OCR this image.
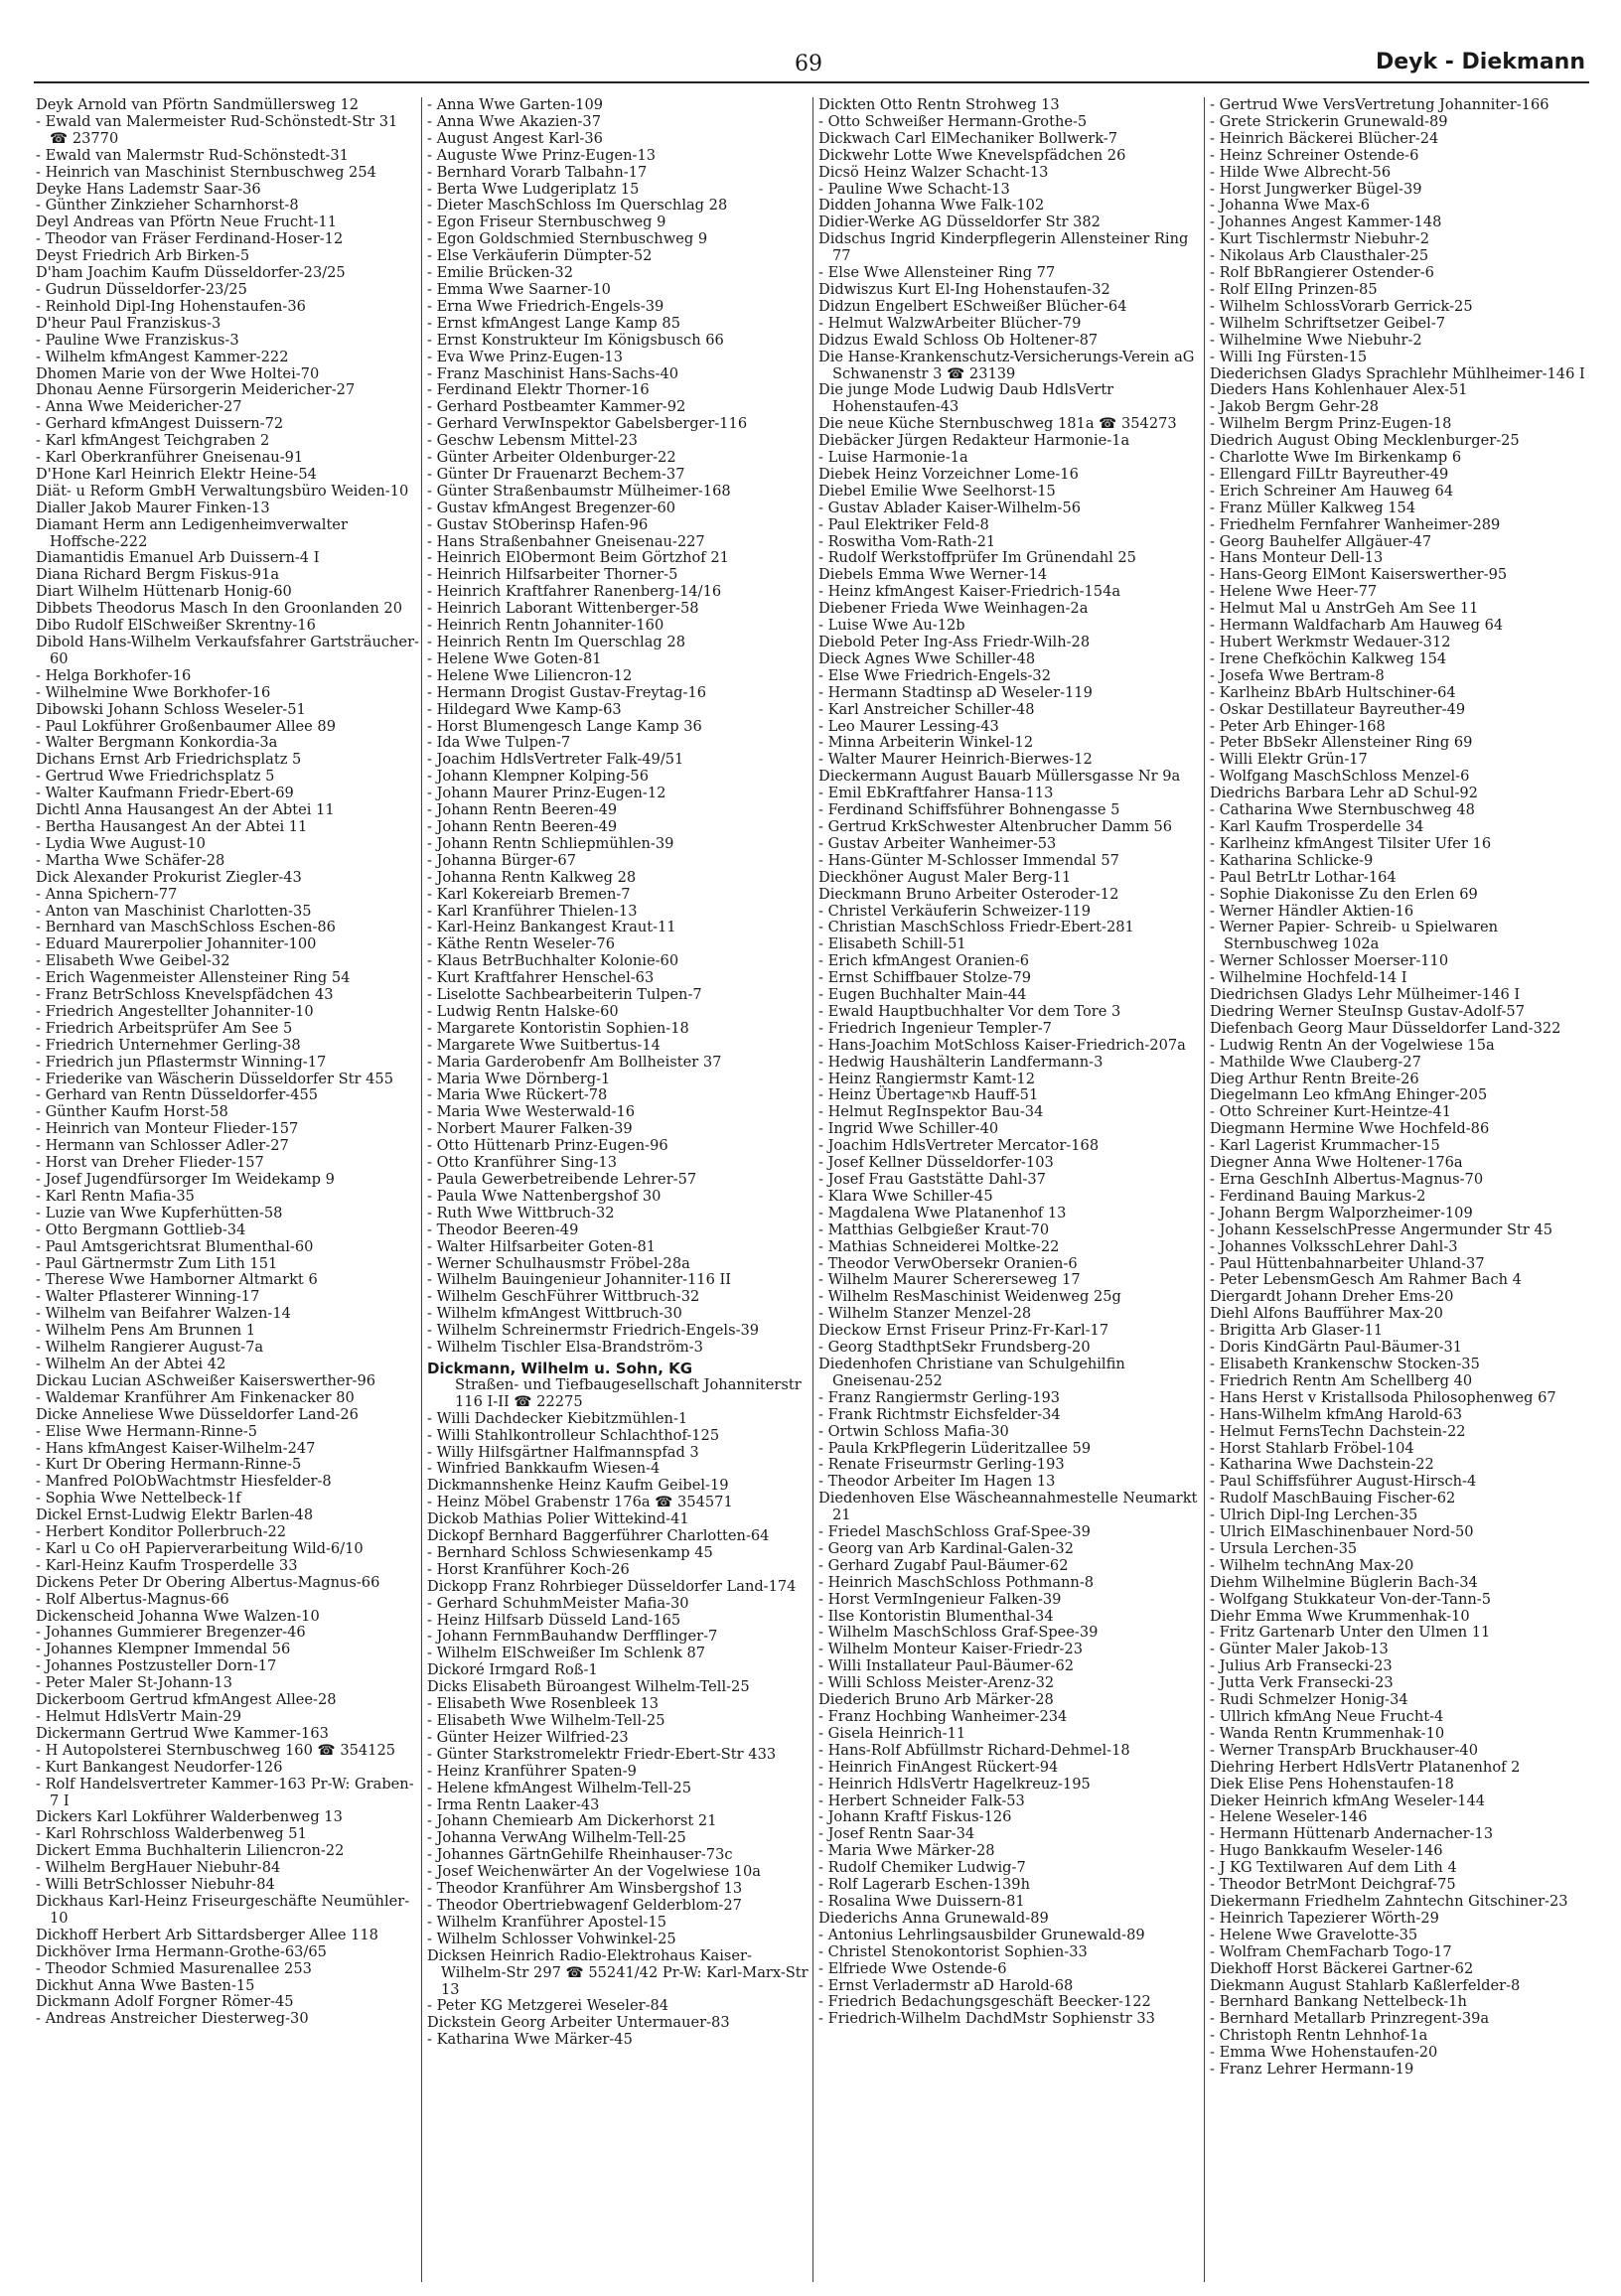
69	Deyk - Diekmann
Deyk Arnold van Pförtn Sandmüllersweg 12
- Ewald van Malermeister Rud-Schönstedt-Str 31 ☎ 23770
- Ewald van Malermstr Rud-Schönstedt-31
- Heinrich van Maschinist Sternbuschweg 254
Deyke Hans Lademstr Saar-36
- Günther Zinkzieher Scharnhorst-8
Deyl Andreas van Pförtn Neue Frucht-11
- Theodor van Fräser Ferdinand-Hoser-12
Deyst Friedrich Arb Birken-5
D'ham Joachim Kaufm Düsseldorfer-23/25
- Gudrun Düsseldorfer-23/25
- Reinhold Dipl-Ing Hohenstaufen-36
D'heur Paul Franziskus-3
- Pauline Wwe Franziskus-3
- Wilhelm kfmAngest Kammer-222
Dhomen Marie von der Wwe Holtei-70
Dhonau Aenne Fürsorgerin Meidericher-27
- Anna Wwe Meidericher-27
- Gerhard kfmAngest Duissern-72
- Karl kfmAngest Teichgraben 2
- Karl Oberkranführer Gneisenau-91
D'Hone Karl Heinrich Elektr Heine-54
Diät- u Reform GmbH Verwaltungsbüro Weiden-10
Dialler Jakob Maurer Finken-13
Diamant Herm ann Ledigenheimverwalter Hoffsche-222
Diamantidis Emanuel Arb Duissern-4 I
Diana Richard Bergm Fiskus-91a
Diart Wilhelm Hüttenarb Honig-60
Dibbets Theodorus Masch In den Groonlanden 20
Dibo Rudolf ElSchweißer Skrentny-16
Dibold Hans-Wilhelm Verkaufsfahrer Gartsträucher-60
- Helga Borkhofer-16
- Wilhelmine Wwe Borkhofer-16
Dibowski Johann Schloss Weseler-51
- Paul Lokführer Großenbaumer Allee 89
- Walter Bergmann Konkordia-3a
Dichans Ernst Arb Friedrichsplatz 5
- Gertrud Wwe Friedrichsplatz 5
- Walter Kaufmann Friedr-Ebert-69
Dichtl Anna Hausangest An der Abtei 11
- Bertha Hausangest An der Abtei 11
- Lydia Wwe August-10
- Martha Wwe Schäfer-28
Dick Alexander Prokurist Ziegler-43
- Anna Spichern-77
- Anton van Maschinist Charlotten-35
- Bernhard van MaschSchloss Eschen-86
- Eduard Maurerpolier Johanniter-100
- Elisabeth Wwe Geibel-32
- Erich Wagenmeister Allensteiner Ring 54
- Franz BetrSchloss Knevelspfädchen 43
- Friedrich Angestellter Johanniter-10
- Friedrich Arbeitsprüfer Am See 5
- Friedrich Unternehmer Gerling-38
- Friedrich jun Pflastermstr Winning-17
- Friederike van Wäscherin Düsseldorfer Str 455
- Gerhard van Rentn Düsseldorfer-455
- Günther Kaufm Horst-58
- Heinrich van Monteur Flieder-157
- Hermann van Schlosser Adler-27
- Horst van Dreher Flieder-157
- Josef Jugendfürsorger Im Weidekamp 9
- Karl Rentn Mafia-35
- Luzie van Wwe Kupferhütten-58
- Otto Bergmann Gottlieb-34
- Paul Amtsgerichtsrat Blumenthal-60
- Paul Gärtnermstr Zum Lith 151
- Therese Wwe Hamborner Altmarkt 6
- Walter Pflasterer Winning-17
- Wilhelm van Beifahrer Walzen-14
- Wilhelm Pens Am Brunnen 1
- Wilhelm Rangierer August-7a
- Wilhelm An der Abtei 42
Dickau Lucian ASchweißer Kaiserswerther-96
- Waldemar Kranführer Am Finkenacker 80
Dicke Anneliese Wwe Düsseldorfer Land-26
- Elise Wwe Hermann-Rinne-5
- Hans kfmAngest Kaiser-Wilhelm-247
- Kurt Dr Obering Hermann-Rinne-5
- Manfred PolObWachtmstr Hiesfelder-8
- Sophia Wwe Nettelbeck-1f
Dickel Ernst-Ludwig Elektr Barlen-48
- Herbert Konditor Pollerbruch-22
- Karl u Co oH Papierverarbeitung Wild-6/10
- Karl-Heinz Kaufm Trosperdelle 33
Dickens Peter Dr Obering Albertus-Magnus-66
- Rolf Albertus-Magnus-66
Dickenscheid Johanna Wwe Walzen-10
- Johannes Gummierer Bregenzer-46
- Johannes Klempner Immendal 56
- Johannes Postzusteller Dorn-17
- Peter Maler St-Johann-13
Dickerboom Gertrud kfmAngest Allee-28
- Helmut HdlsVertr Main-29
Dickermann Gertrud Wwe Kammer-163
- H Autopolsterei Sternbuschweg 160 ☎ 354125
- Kurt Bankangest Neudorfer-126
- Rolf Handelsvertreter Kammer-163 Pr-W: Graben-7 I
Dickers Karl Lokführer Walderbenweg 13
- Karl Rohrschloss Walderbenweg 51
Dickert Emma Buchhalterin Liliencron-22
- Wilhelm BergHauer Niebuhr-84
- Willi BetrSchlosser Niebuhr-84
Dickhaus Karl-Heinz Friseurgeschäfte Neumühler-10
Dickhoff Herbert Arb Sittardsberger Allee 118
Dickhöver Irma Hermann-Grothe-63/65
- Theodor Schmied Masurenallee 253
Dickhut Anna Wwe Basten-15
Dickmann Adolf Forgner Römer-45
- Andreas Anstreicher Diesterweg-30
- Anna Wwe Garten-109
- Anna Wwe Akazien-37
- August Angest Karl-36
- Auguste Wwe Prinz-Eugen-13
- Bernhard Vorarb Talbahn-17
- Berta Wwe Ludgeriplatz 15
- Dieter MaschSchloss Im Querschlag 28
- Egon Friseur Sternbuschweg 9
- Egon Goldschmied Sternbuschweg 9
- Else Verkäuferin Dümpter-52
- Emilie Brücken-32
- Emma Wwe Saarner-10
- Erna Wwe Friedrich-Engels-39
- Ernst kfmAngest Lange Kamp 85
- Ernst Konstrukteur Im Königsbusch 66
- Eva Wwe Prinz-Eugen-13
- Franz Maschinist Hans-Sachs-40
- Ferdinand Elektr Thorner-16
- Gerhard Postbeamter Kammer-92
- Gerhard VerwInspektor Gabelsberger-116
- Geschw Lebensm Mittel-23
- Günter Arbeiter Oldenburger-22
- Günter Dr Frauenarzt Bechem-37
- Günter Straßenbaumstr Mülheimer-168
- Gustav kfmAngest Bregenzer-60
- Gustav StOberinsp Hafen-96
- Hans Straßenbahner Gneisenau-227
- Heinrich ElObermont Beim Görtzhof 21
- Heinrich Hilfsarbeiter Thorner-5
- Heinrich Kraftfahrer Ranenberg-14/16
- Heinrich Laborant Wittenberger-58
- Heinrich Rentn Johanniter-160
- Heinrich Rentn Im Querschlag 28
- Helene Wwe Goten-81
- Helene Wwe Liliencron-12
- Hermann Drogist Gustav-Freytag-16
- Hildegard Wwe Kamp-63
- Horst Blumengesch Lange Kamp 36
- Ida Wwe Tulpen-7
- Joachim HdlsVertreter Falk-49/51
- Johann Klempner Kolping-56
- Johann Maurer Prinz-Eugen-12
- Johann Rentn Beeren-49
- Johann Rentn Beeren-49
- Johann Rentn Schliepmühlen-39
- Johanna Bürger-67
- Johanna Rentn Kalkweg 28
- Karl Kokereiarb Bremen-7
- Karl Kranführer Thielen-13
- Karl-Heinz Bankangest Kraut-11
- Käthe Rentn Weseler-76
- Klaus BetrBuchhalter Kolonie-60
- Kurt Kraftfahrer Henschel-63
- Liselotte Sachbearbeiterin Tulpen-7
- Ludwig Rentn Halske-60
- Margarete Kontoristin Sophien-18
- Margarete Wwe Suitbertus-14
- Maria Garderobenfr Am Bollheister 37
- Maria Wwe Dörnberg-1
- Maria Wwe Rückert-78
- Maria Wwe Westerwald-16
- Norbert Maurer Falken-39
- Otto Hüttenarb Prinz-Eugen-96
- Otto Kranführer Sing-13
- Paula Gewerbetreibende Lehrer-57
- Paula Wwe Nattenbergshof 30
- Ruth Wwe Wittbruch-32
- Theodor Beeren-49
- Walter Hilfsarbeiter Goten-81
- Werner Schulhausmstr Fröbel-28a
- Wilhelm Bauingenieur Johanniter-116 II
- Wilhelm GeschFührer Wittbruch-32
- Wilhelm kfmAngest Wittbruch-30
- Wilhelm Schreinermstr Friedrich-Engels-39
- Wilhelm Tischler Elsa-Brandström-3
Dickmann, Wilhelm u. Sohn, KG
Straßen- und Tiefbaugesellschaft Johanniterstr 116 I-II ☎ 22275
- Willi Dachdecker Kiebitzmühlen-1
- Willi Stahlkontrolleur Schlachthof-125
- Willy Hilfsgärtner Halfmannspfad 3
- Winfried Bankkaufm Wiesen-4
Dickmannshenke Heinz Kaufm Geibel-19
- Heinz Möbel Grabenstr 176a ☎ 354571
Dickob Mathias Polier Wittekind-41
Dickopf Bernhard Baggerführer Charlotten-64
- Bernhard Schloss Schwiesenkamp 45
- Horst Kranführer Koch-26
Dickopp Franz Rohrbieger Düsseldorfer Land-174
- Gerhard SchuhmMeister Mafia-30
- Heinz Hilfsarb Düsseld Land-165
- Johann FernmBauhandw Derfflinger-7
- Wilhelm ElSchweißer Im Schlenk 87
Dickoré Irmgard Roß-1
Dicks Elisabeth Büroangest Wilhelm-Tell-25
- Elisabeth Wwe Rosenbleek 13
- Elisabeth Wwe Wilhelm-Tell-25
- Günter Heizer Wilfried-23
- Günter Starkstromelektr Friedr-Ebert-Str 433
- Heinz Kranführer Spaten-9
- Helene kfmAngest Wilhelm-Tell-25
- Irma Rentn Laaker-43
- Johann Chemiearb Am Dickerhorst 21
- Johanna VerwAng Wilhelm-Tell-25
- Johannes GärtnGehilfe Rheinhauser-73c
- Josef Weichenwärter An der Vogelwiese 10a
- Theodor Kranführer Am Winsbergshof 13
- Theodor Obertriebwagenf Gelderblom-27
- Wilhelm Kranführer Apostel-15
- Wilhelm Schlosser Vohwinkel-25
Dicksen Heinrich Radio-Elektrohaus Kaiser-Wilhelm-Str 297 ☎ 55241/42 Pr-W: Karl-Marx-Str 13
- Peter KG Metzgerei Weseler-84
Dickstein Georg Arbeiter Untermauer-83
- Katharina Wwe Märker-45
Dickten Otto Rentn Strohweg 13
- Otto Schweißer Hermann-Grothe-5
Dickwach Carl ElMechaniker Bollwerk-7
Dickwehr Lotte Wwe Knevelspfädchen 26
Dicsö Heinz Walzer Schacht-13
- Pauline Wwe Schacht-13
Didden Johanna Wwe Falk-102
Didier-Werke AG Düsseldorfer Str 382
Didschus Ingrid Kinderpflegerin Allensteiner Ring 77
- Else Wwe Allensteiner Ring 77
Didwiszus Kurt El-Ing Hohenstaufen-32
Didzun Engelbert ESchweißer Blücher-64
- Helmut WalzwArbeiter Blücher-79
Didzus Ewald Schloss Ob Holtener-87
Die Hanse-Krankenschutz-Versicherungs-Verein aG Schwanenstr 3 ☎ 23139
Die junge Mode Ludwig Daub HdlsVertr Hohenstaufen-43
Die neue Küche Sternbuschweg 181a ☎ 354273
Diebäcker Jürgen Redakteur Harmonie-1a
- Luise Harmonie-1a
Diebek Heinz Vorzeichner Lome-16
Diebel Emilie Wwe Seelhorst-15
- Gustav Ablader Kaiser-Wilhelm-56
- Paul Elektriker Feld-8
- Roswitha Vom-Rath-21
- Rudolf Werkstoffprüfer Im Grünendahl 25
Diebels Emma Wwe Werner-14
- Heinz kfmAngest Kaiser-Friedrich-154a
Diebener Frieda Wwe Weinhagen-2a
- Luise Wwe Au-12b
Diebold Peter Ing-Ass Friedr-Wilh-28
Dieck Agnes Wwe Schiller-48
- Else Wwe Friedrich-Engels-32
- Hermann Stadtinsp aD Weseler-119
- Karl Anstreicher Schiller-48
- Leo Maurer Lessing-43
- Minna Arbeiterin Winkel-12
- Walter Maurer Heinrich-Bierwes-12
Dieckermann August Bauarb Müllersgasse Nr 9a
- Emil EbKraftfahrer Hansa-113
- Ferdinand Schiffsführer Bohnengasse 5
- Gertrud KrkSchwester Altenbrucher Damm 56
- Gustav Arbeiter Wanheimer-53
- Hans-Günter M-Schlosser Immendal 57
Dieckhöner August Maler Berg-11
Dieckmann Bruno Arbeiter Osteroder-12
- Christel Verkäuferin Schweizer-119
- Christian MaschSchloss Friedr-Ebert-281
- Elisabeth Schill-51
- Erich kfmAngest Oranien-6
- Ernst Schiffbauer Stolze-79
- Eugen Buchhalter Main-44
- Ewald Hauptbuchhalter Vor dem Tore 3
- Friedrich Ingenieur Templer-7
- Hans-Joachim MotSchloss Kaiser-Friedrich-207a
- Hedwig Haushälterin Landfermann-3
- Heinz Rangiermstr Kamt-12
- Heinz Übertageארb Hauff-51
- Helmut RegInspektor Bau-34
- Ingrid Wwe Schiller-40
- Joachim HdlsVertreter Mercator-168
- Josef Kellner Düsseldorfer-103
- Josef Frau Gaststätte Dahl-37
- Klara Wwe Schiller-45
- Magdalena Wwe Platanenhof 13
- Matthias Gelbgießer Kraut-70
- Mathias Schneiderei Moltke-22
- Theodor VerwObersekr Oranien-6
- Wilhelm Maurer Schererseweg 17
- Wilhelm ResMaschinist Weidenweg 25g
- Wilhelm Stanzer Menzel-28
Dieckow Ernst Friseur Prinz-Fr-Karl-17
- Georg StadthptSekr Frundsberg-20
Diedenhofen Christiane van Schulgehilfin Gneisenau-252
- Franz Rangiermstr Gerling-193
- Frank Richtmstr Eichsfelder-34
- Ortwin Schloss Mafia-30
- Paula KrkPflegerin Lüderitzallee 59
- Renate Friseurmstr Gerling-193
- Theodor Arbeiter Im Hagen 13
Diedenhoven Else Wäscheannahmestelle Neumarkt 21
- Friedel MaschSchloss Graf-Spee-39
- Georg van Arb Kardinal-Galen-32
- Gerhard Zugabf Paul-Bäumer-62
- Heinrich MaschSchloss Pothmann-8
- Horst VermIngenieur Falken-39
- Ilse Kontoristin Blumenthal-34
- Wilhelm MaschSchloss Graf-Spee-39
- Wilhelm Monteur Kaiser-Friedr-23
- Willi Installateur Paul-Bäumer-62
- Willi Schloss Meister-Arenz-32
Diederich Bruno Arb Märker-28
- Franz Hochbing Wanheimer-234
- Gisela Heinrich-11
- Hans-Rolf Abfüllmstr Richard-Dehmel-18
- Heinrich FinAngest Rückert-94
- Heinrich HdlsVertr Hagelkreuz-195
- Herbert Schneider Falk-53
- Johann Kraftf Fiskus-126
- Josef Rentn Saar-34
- Maria Wwe Märker-28
- Rudolf Chemiker Ludwig-7
- Rolf Lagerarb Eschen-139h
- Rosalina Wwe Duissern-81
Diederichs Anna Grunewald-89
- Antonius Lehrlingsausbilder Grunewald-89
- Christel Stenokontorist Sophien-33
- Elfriede Wwe Ostende-6
- Ernst Verladermstr aD Harold-68
- Friedrich Bedachungsgeschäft Beecker-122
- Friedrich-Wilhelm DachdMstr Sophienstr 33
- Gertrud Wwe VersVertretung Johanniter-166
- Grete Strickerin Grunewald-89
- Heinrich Bäckerei Blücher-24
- Heinz Schreiner Ostende-6
- Hilde Wwe Albrecht-56
- Horst Jungwerker Bügel-39
- Johanna Wwe Max-6
- Johannes Angest Kammer-148
- Kurt Tischlermstr Niebuhr-2
- Nikolaus Arb Clausthaler-25
- Rolf BbRangierer Ostender-6
- Rolf ElIng Prinzen-85
- Wilhelm SchlossVorarb Gerrick-25
- Wilhelm Schriftsetzer Geibel-7
- Wilhelmine Wwe Niebuhr-2
- Willi Ing Fürsten-15
Diederichsen Gladys Sprachlehr Mühlheimer-146 I
Dieders Hans Kohlenhauer Alex-51
- Jakob Bergm Gehr-28
- Wilhelm Bergm Prinz-Eugen-18
Diedrich August Obing Mecklenburger-25
- Charlotte Wwe Im Birkenkamp 6
- Ellengard FilLtr Bayreuther-49
- Erich Schreiner Am Hauweg 64
- Franz Müller Kalkweg 154
- Friedhelm Fernfahrer Wanheimer-289
- Georg Bauhelfer Allgäuer-47
- Hans Monteur Dell-13
- Hans-Georg ElMont Kaiserswerther-95
- Helene Wwe Heer-77
- Helmut Mal u AnstrGeh Am See 11
- Hermann Waldfacharb Am Hauweg 64
- Hubert Werkmstr Wedauer-312
- Irene Chefköchin Kalkweg 154
- Josefa Wwe Bertram-8
- Karlheinz BbArb Hultschiner-64
- Oskar Destillateur Bayreuther-49
- Peter Arb Ehinger-168
- Peter BbSekr Allensteiner Ring 69
- Willi Elektr Grün-17
- Wolfgang MaschSchloss Menzel-6
Diedrichs Barbara Lehr aD Schul-92
- Catharina Wwe Sternbuschweg 48
- Karl Kaufm Trosperdelle 34
- Karlheinz kfmAngest Tilsiter Ufer 16
- Katharina Schlicke-9
- Paul BetrLtr Lothar-164
- Sophie Diakonisse Zu den Erlen 69
- Werner Händler Aktien-16
- Werner Papier- Schreib- u Spielwaren Sternbuschweg 102a
- Werner Schlosser Moerser-110
- Wilhelmine Hochfeld-14 I
Diedrichsen Gladys Lehr Mülheimer-146 I
Diedring Werner SteuInsp Gustav-Adolf-57
Diefenbach Georg Maur Düsseldorfer Land-322
- Ludwig Rentn An der Vogelwiese 15a
- Mathilde Wwe Clauberg-27
Dieg Arthur Rentn Breite-26
Diegelmann Leo kfmAng Ehinger-205
- Otto Schreiner Kurt-Heintze-41
Diegmann Hermine Wwe Hochfeld-86
- Karl Lagerist Krummacher-15
Diegner Anna Wwe Holtener-176a
- Erna GeschInh Albertus-Magnus-70
- Ferdinand Bauing Markus-2
- Johann Bergm Walporzheimer-109
- Johann KesselschPresse Angermunder Str 45
- Johannes VolksschLehrer Dahl-3
- Paul Hüttenbahnarbeiter Uhland-37
- Peter LebensmGesch Am Rahmer Bach 4
Diergardt Johann Dreher Ems-20
Diehl Alfons Baufführer Max-20
- Brigitta Arb Glaser-11
- Doris KindGärtn Paul-Bäumer-31
- Elisabeth Krankenschw Stocken-35
- Friedrich Rentn Am Schellberg 40
- Hans Herst v Kristallsoda Philosophenweg 67
- Hans-Wilhelm kfmAng Harold-63
- Helmut FernsTechn Dachstein-22
- Horst Stahlarb Fröbel-104
- Katharina Wwe Dachstein-22
- Paul Schiffsführer August-Hirsch-4
- Rudolf MaschBauing Fischer-62
- Ulrich Dipl-Ing Lerchen-35
- Ulrich ElMaschinenbauer Nord-50
- Ursula Lerchen-35
- Wilhelm technAng Max-20
Diehm Wilhelmine Büglerin Bach-34
- Wolfgang Stukkateur Von-der-Tann-5
Diehr Emma Wwe Krummenhak-10
- Fritz Gartenarb Unter den Ulmen 11
- Günter Maler Jakob-13
- Julius Arb Fransecki-23
- Jutta Verk Fransecki-23
- Rudi Schmelzer Honig-34
- Ullrich kfmAng Neue Frucht-4
- Wanda Rentn Krummenhak-10
- Werner TranspArb Bruckhauser-40
Diehring Herbert HdlsVertr Platanenhof 2
Diek Elise Pens Hohenstaufen-18
Dieker Heinrich kfmAng Weseler-144
- Helene Weseler-146
- Hermann Hüttenarb Andernacher-13
- Hugo Bankkaufm Weseler-146
- J KG Textilwaren Auf dem Lith 4
- Theodor BetrMont Deichgraf-75
Diekermann Friedhelm Zahntechn Gitschiner-23
- Heinrich Tapezierer Wörth-29
- Helene Wwe Gravelotte-35
- Wolfram ChemFacharb Togo-17
Diekhoff Horst Bäckerei Gartner-62
Diekmann August Stahlarb Kaßlerfelder-8
- Bernhard Bankang Nettelbeck-1h
- Bernhard Metallarb Prinzregent-39a
- Christoph Rentn Lehnhof-1a
- Emma Wwe Hohenstaufen-20
- Franz Lehrer Hermann-19
